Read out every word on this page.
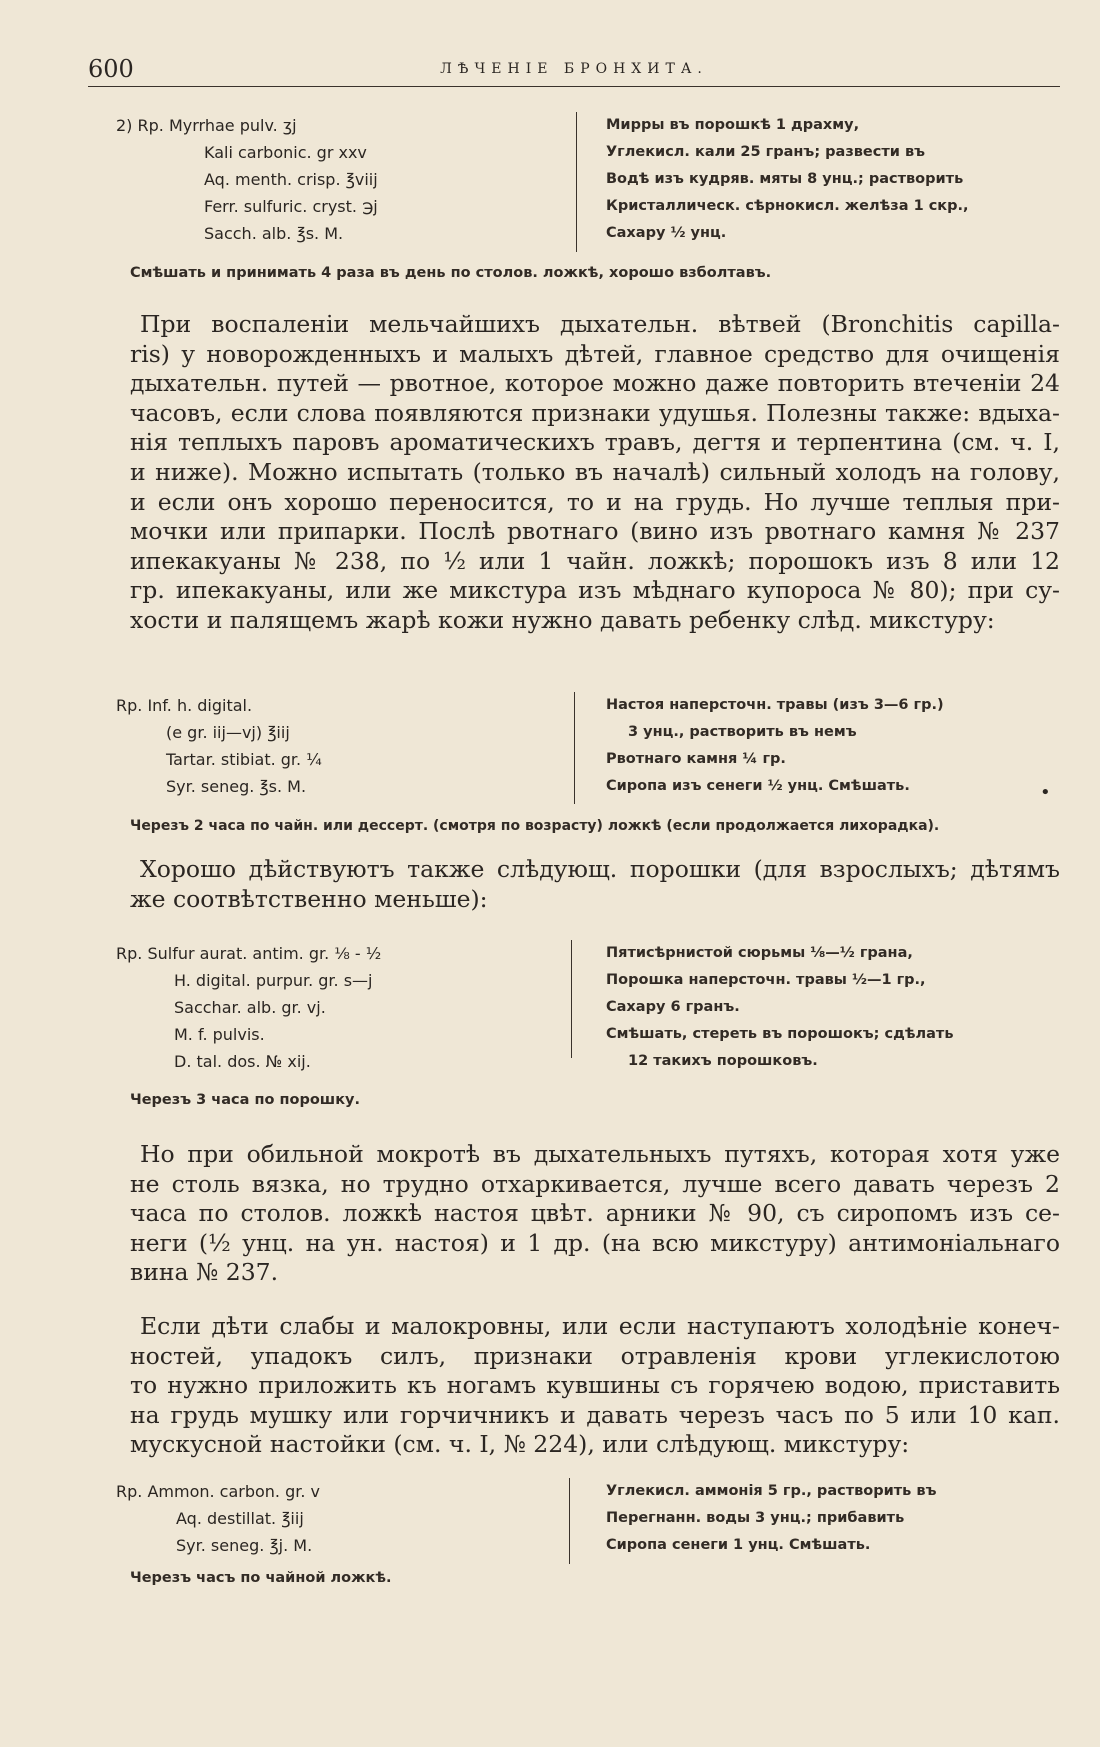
600	ЛѢЧЕНIЕ БРОНХИТА.
2) Rp. Myrrhae pulv. ʒj
Kali carbonic. gr xxv
Aq. menth. crisp. ℥viij
Ferr. sulfuric. cryst. ℈j
Sacch. alb. ℥s. M.
Мирры въ порошкѣ 1 драхму,
Углекисл. кали 25 гранъ; развести въ
Водѣ изъ кудряв. мяты 8 унц.; растворить
Кристаллическ. сѣрнокисл. желѣза 1 скр.,
Сахару ½ унц.
Смѣшать и принимать 4 раза въ день по столов. ложкѣ, хорошо взболтавъ.
При воспаленiи мельчайшихъ дыхательн. вѣтвей (Bronchitis capilla-
ris) у новорожденныхъ и малыхъ дѣтей, главное средство для очищенiя
дыхательн. путей — рвотное, которое можно даже повторить втеченiи 24
часовъ, если слова появляются признаки удушья. Полезны также: вдыха-
нiя теплыхъ паровъ ароматическихъ травъ, дегтя и терпентина (см. ч. I,
и ниже). Можно испытать (только въ началѣ) сильный холодъ на голову,
и если онъ хорошо переносится, то и на грудь. Но лучше теплыя при-
мочки или припарки. Послѣ рвотнаго (вино изъ рвотнаго камня № 237
ипекакуаны № 238, по ½ или 1 чайн. ложкѣ; порошокъ изъ 8 или 12
гр. ипекакуаны, или же микстура изъ мѣднаго купороса № 80); при су-
хости и палящемъ жарѣ кожи нужно давать ребенку слѣд. микстуру:
Rp. Inf. h. digital.
(e gr. iij—vj) ℥iij
Tartar. stibiat. gr. ¼
Syr. seneg. ℥s. M.
Настоя наперсточн. травы (изъ 3—6 гр.)
3 унц., растворить въ немъ
Рвотнаго камня ¼ гр.
Сиропа изъ сенеги ½ унц. Смѣшать.	•
Черезъ 2 часа по чайн. или дессерт. (смотря по возрасту) ложкѣ (если продолжается лихорадка).
Хорошо дѣйствуютъ также слѣдующ. порошки (для взрослыхъ; дѣтямъ
же соотвѣтственно меньше):
Rp. Sulfur aurat. antim. gr. ⅛ - ½
H. digital. purpur. gr. s—j
Sacchar. alb. gr. vj.
M. f. pulvis.
D. tal. dos. № xij.
Пятисѣрнистой сюрьмы ⅛—½ грана,
Порошка наперсточн. травы ½—1 гр.,
Сахару 6 гранъ.
Смѣшать, стереть въ порошокъ; сдѣлать
12 такихъ порошковъ.
Черезъ 3 часа по порошку.
Но при обильной мокротѣ въ дыхательныхъ путяхъ, которая хотя уже
не столь вязка, но трудно отхаркивается, лучше всего давать черезъ 2
часа по столов. ложкѣ настоя цвѣт. арники № 90, съ сиропомъ изъ се-
неги (½ унц. на ун. настоя) и 1 др. (на всю микстуру) антимонiальнаго
вина № 237.
Если дѣти слабы и малокровны, или если наступаютъ холодѣнiе конеч-
ностей, упадокъ силъ, признаки отравленiя крови углекислотою
то нужно приложить къ ногамъ кувшины съ горячею водою, приставить
на грудь мушку или горчичникъ и давать черезъ часъ по 5 или 10 кап.
мускусной настойки (см. ч. I, № 224), или слѣдующ. микстуру:
Rp. Ammon. carbon. gr. v
Aq. destillat. ℥iij
Syr. seneg. ℥j. M.
Углекисл. аммонiя 5 гр., растворить въ
Перегнанн. воды 3 унц.; прибавить
Сиропа сенеги 1 унц. Смѣшать.
Черезъ часъ по чайной ложкѣ.
